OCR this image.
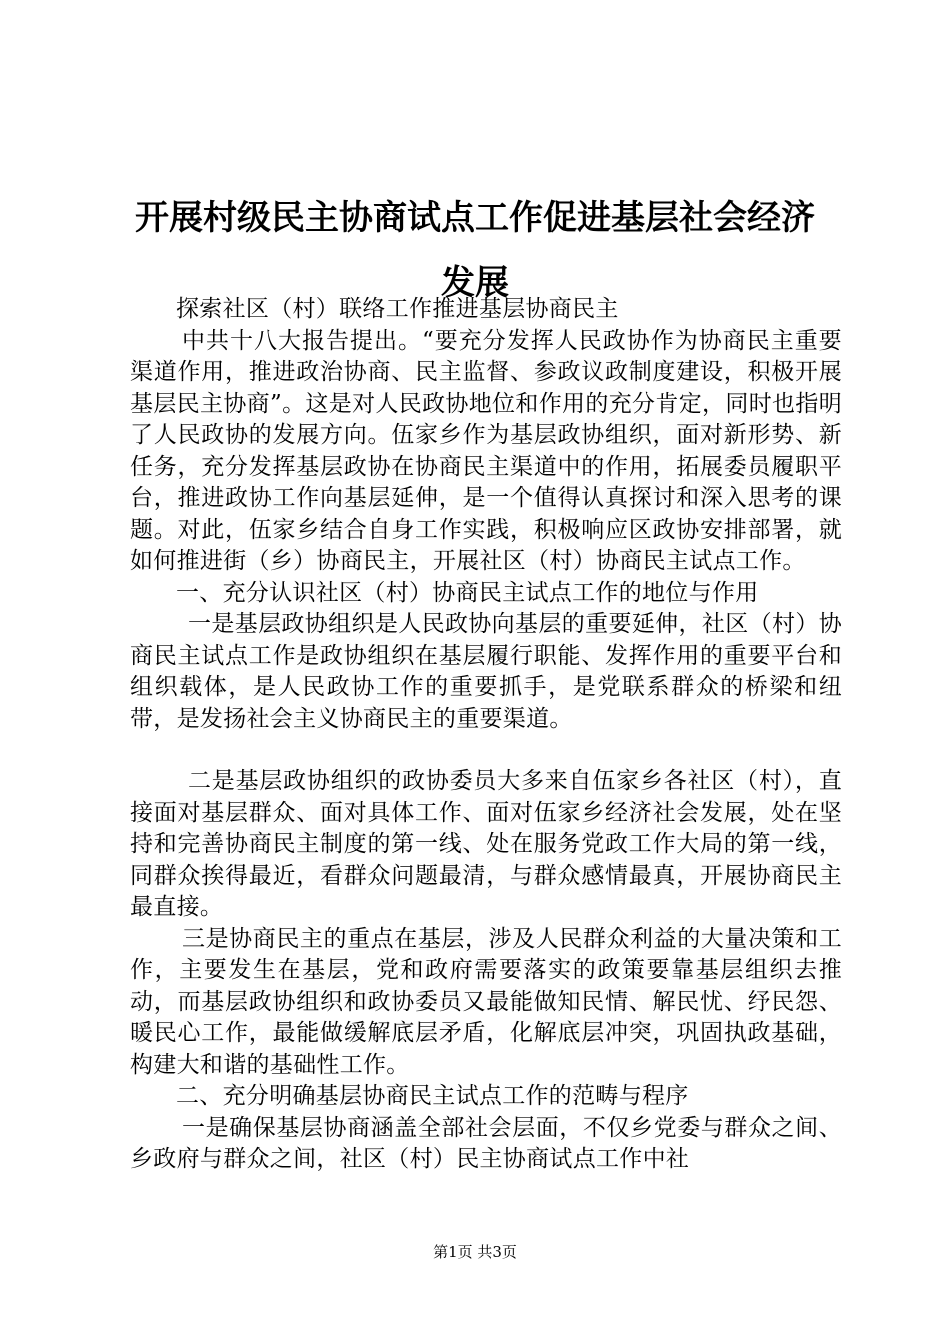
开展村级民主协商试点工作促进基层社会经济
发展

探索社区（村）联络工作推进基层协商民主

中共十八大报告提出。“要充分发挥人民政协作为协商民主重要渠道作用，推进政治协商、民主监督、参政议政制度建设，积极开展基层民主协商”。这是对人民政协地位和作用的充分肯定，同时也指明了人民政协的发展方向。伍家乡作为基层政协组织，面对新形势、新任务，充分发挥基层政协在协商民主渠道中的作用，拓展委员履职平台，推进政协工作向基层延伸，是一个值得认真探讨和深入思考的课题。对此，伍家乡结合自身工作实践，积极响应区政协安排部署，就如何推进街（乡）协商民主，开展社区（村）协商民主试点工作。

一、充分认识社区（村）协商民主试点工作的地位与作用

一是基层政协组织是人民政协向基层的重要延伸，社区（村）协商民主试点工作是政协组织在基层履行职能、发挥作用的重要平台和组织载体，是人民政协工作的重要抓手，是党联系群众的桥梁和纽带，是发扬社会主义协商民主的重要渠道。

二是基层政协组织的政协委员大多来自伍家乡各社区（村），直接面对基层群众、面对具体工作、面对伍家乡经济社会发展，处在坚持和完善协商民主制度的第一线、处在服务党政工作大局的第一线，同群众挨得最近，看群众问题最清，与群众感情最真，开展协商民主最直接。

三是协商民主的重点在基层，涉及人民群众利益的大量决策和工作，主要发生在基层，党和政府需要落实的政策要靠基层组织去推动，而基层政协组织和政协委员又最能做知民情、解民忧、纾民怨、暖民心工作，最能做缓解底层矛盾，化解底层冲突，巩固执政基础，构建大和谐的基础性工作。

二、充分明确基层协商民主试点工作的范畴与程序

一是确保基层协商涵盖全部社会层面，不仅乡党委与群众之间、乡政府与群众之间，社区（村）民主协商试点工作中社

第1页 共3页
